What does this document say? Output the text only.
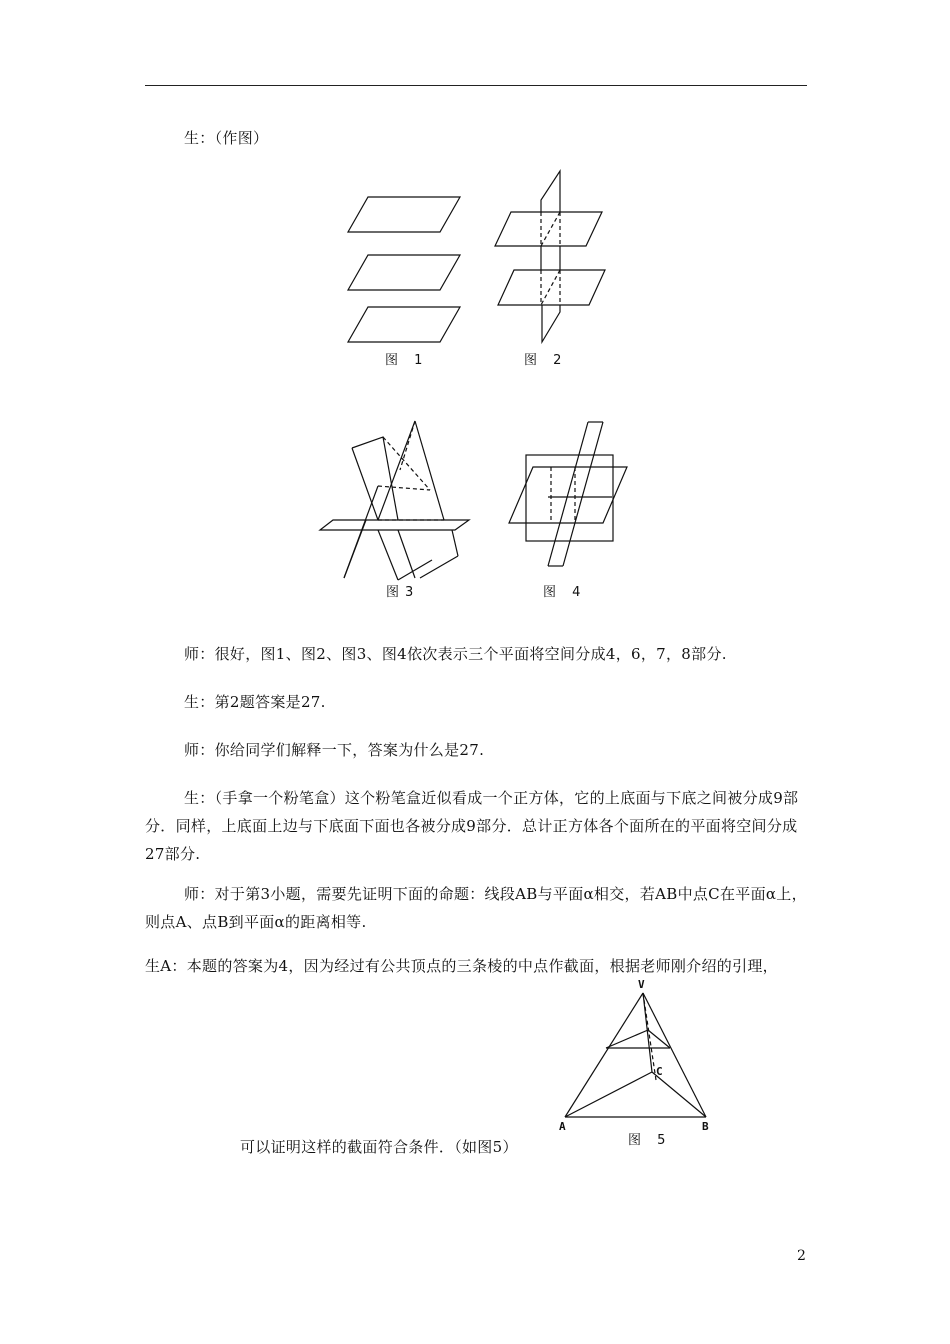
生：（作图）
图 1	图 2
图3	图 4
师：很好，图1、图2、图3、图4依次表示三个平面将空间分成4，6，7，8部分.
生：第2题答案是27.
师：你给同学们解释一下，答案为什么是27.
生：（手拿一个粉笔盒）这个粉笔盒近似看成一个正方体，它的上底面与下底之间被分成9部分．同样，上底面上边与下底面下面也各被分成9部分．总计正方体各个面所在的平面将空间分成27部分.
师：对于第3小题，需要先证明下面的命题：线段AB与平面α相交，若AB中点C在平面α上，则点A、点B到平面α的距离相等.
生A：本题的答案为4，因为经过有公共顶点的三条棱的中点作截面，根据老师刚介绍的引理，
V
C
A	B
图 5
可以证明这样的截面符合条件．（如图5）
2
